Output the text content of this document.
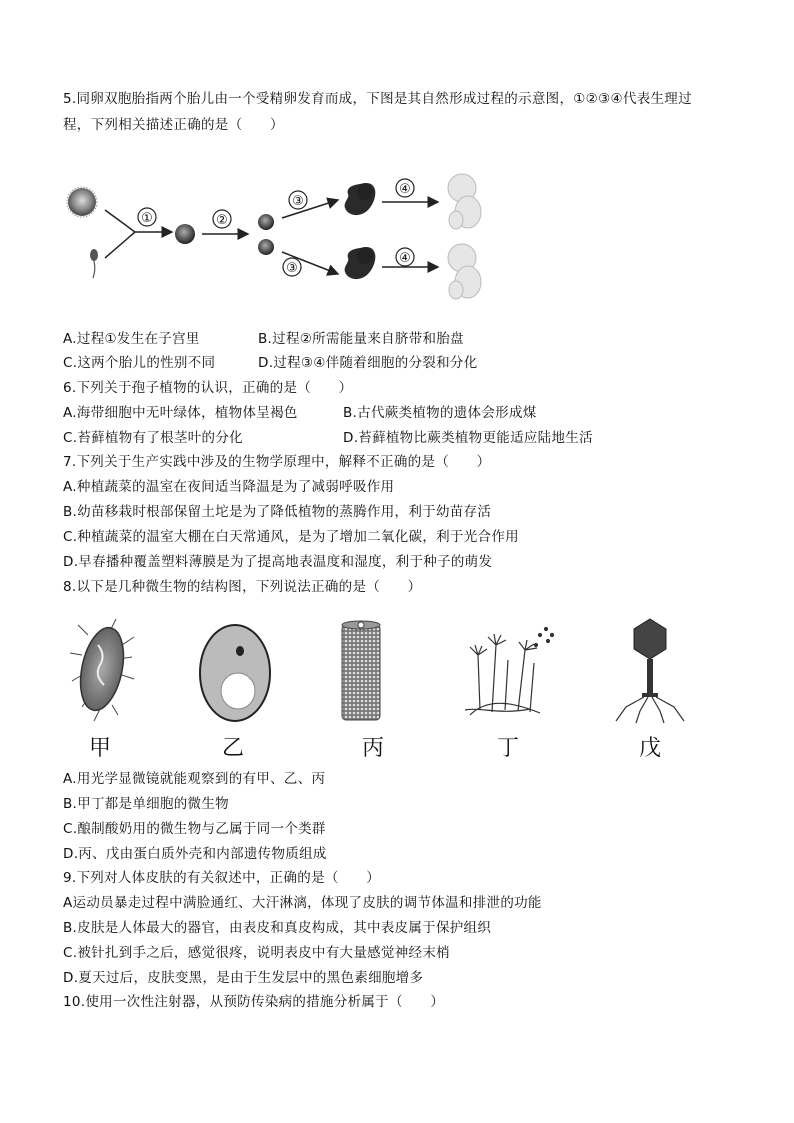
5.同卵双胞胎指两个胎儿由一个受精卵发育而成，下图是其自然形成过程的示意图，①②③④代表生理过
程，下列相关描述正确的是（　　）
①	②
③
③
④
④
A.过程①发生在子宫里	B.过程②所需能量来自脐带和胎盘
C.这两个胎儿的性别不同	D.过程③④伴随着细胞的分裂和分化
6.下列关于孢子植物的认识，正确的是（　　）
A.海带细胞中无叶绿体，植物体呈褐色	B.古代蕨类植物的遗体会形成煤
C.苔藓植物有了根茎叶的分化	D.苔藓植物比蕨类植物更能适应陆地生活
7.下列关于生产实践中涉及的生物学原理中，解释不正确的是（　　）
A.种植蔬菜的温室在夜间适当降温是为了减弱呼吸作用
B.幼苗移栽时根部保留土坨是为了降低植物的蒸腾作用，利于幼苗存活
C.种植蔬菜的温室大棚在白天常通风，是为了增加二氧化碳，利于光合作用
D.早春播种覆盖塑料薄膜是为了提高地表温度和湿度，利于种子的萌发
8.以下是几种微生物的结构图，下列说法正确的是（　　）
甲	乙	丙	丁	戊
A.用光学显微镜就能观察到的有甲、乙、丙
B.甲丁都是单细胞的微生物
C.酿制酸奶用的微生物与乙属于同一个类群
D.丙、戊由蛋白质外壳和内部遗传物质组成
9.下列对人体皮肤的有关叙述中，正确的是（　　）
A运动员暴走过程中满脸通红、大汗淋漓，体现了皮肤的调节体温和排泄的功能
B.皮肤是人体最大的器官，由表皮和真皮构成，其中表皮属于保护组织
C.被针扎到手之后，感觉很疼，说明表皮中有大量感觉神经末梢
D.夏天过后，皮肤变黑，是由于生发层中的黑色素细胞增多
10.使用一次性注射器，从预防传染病的措施分析属于（　　）
